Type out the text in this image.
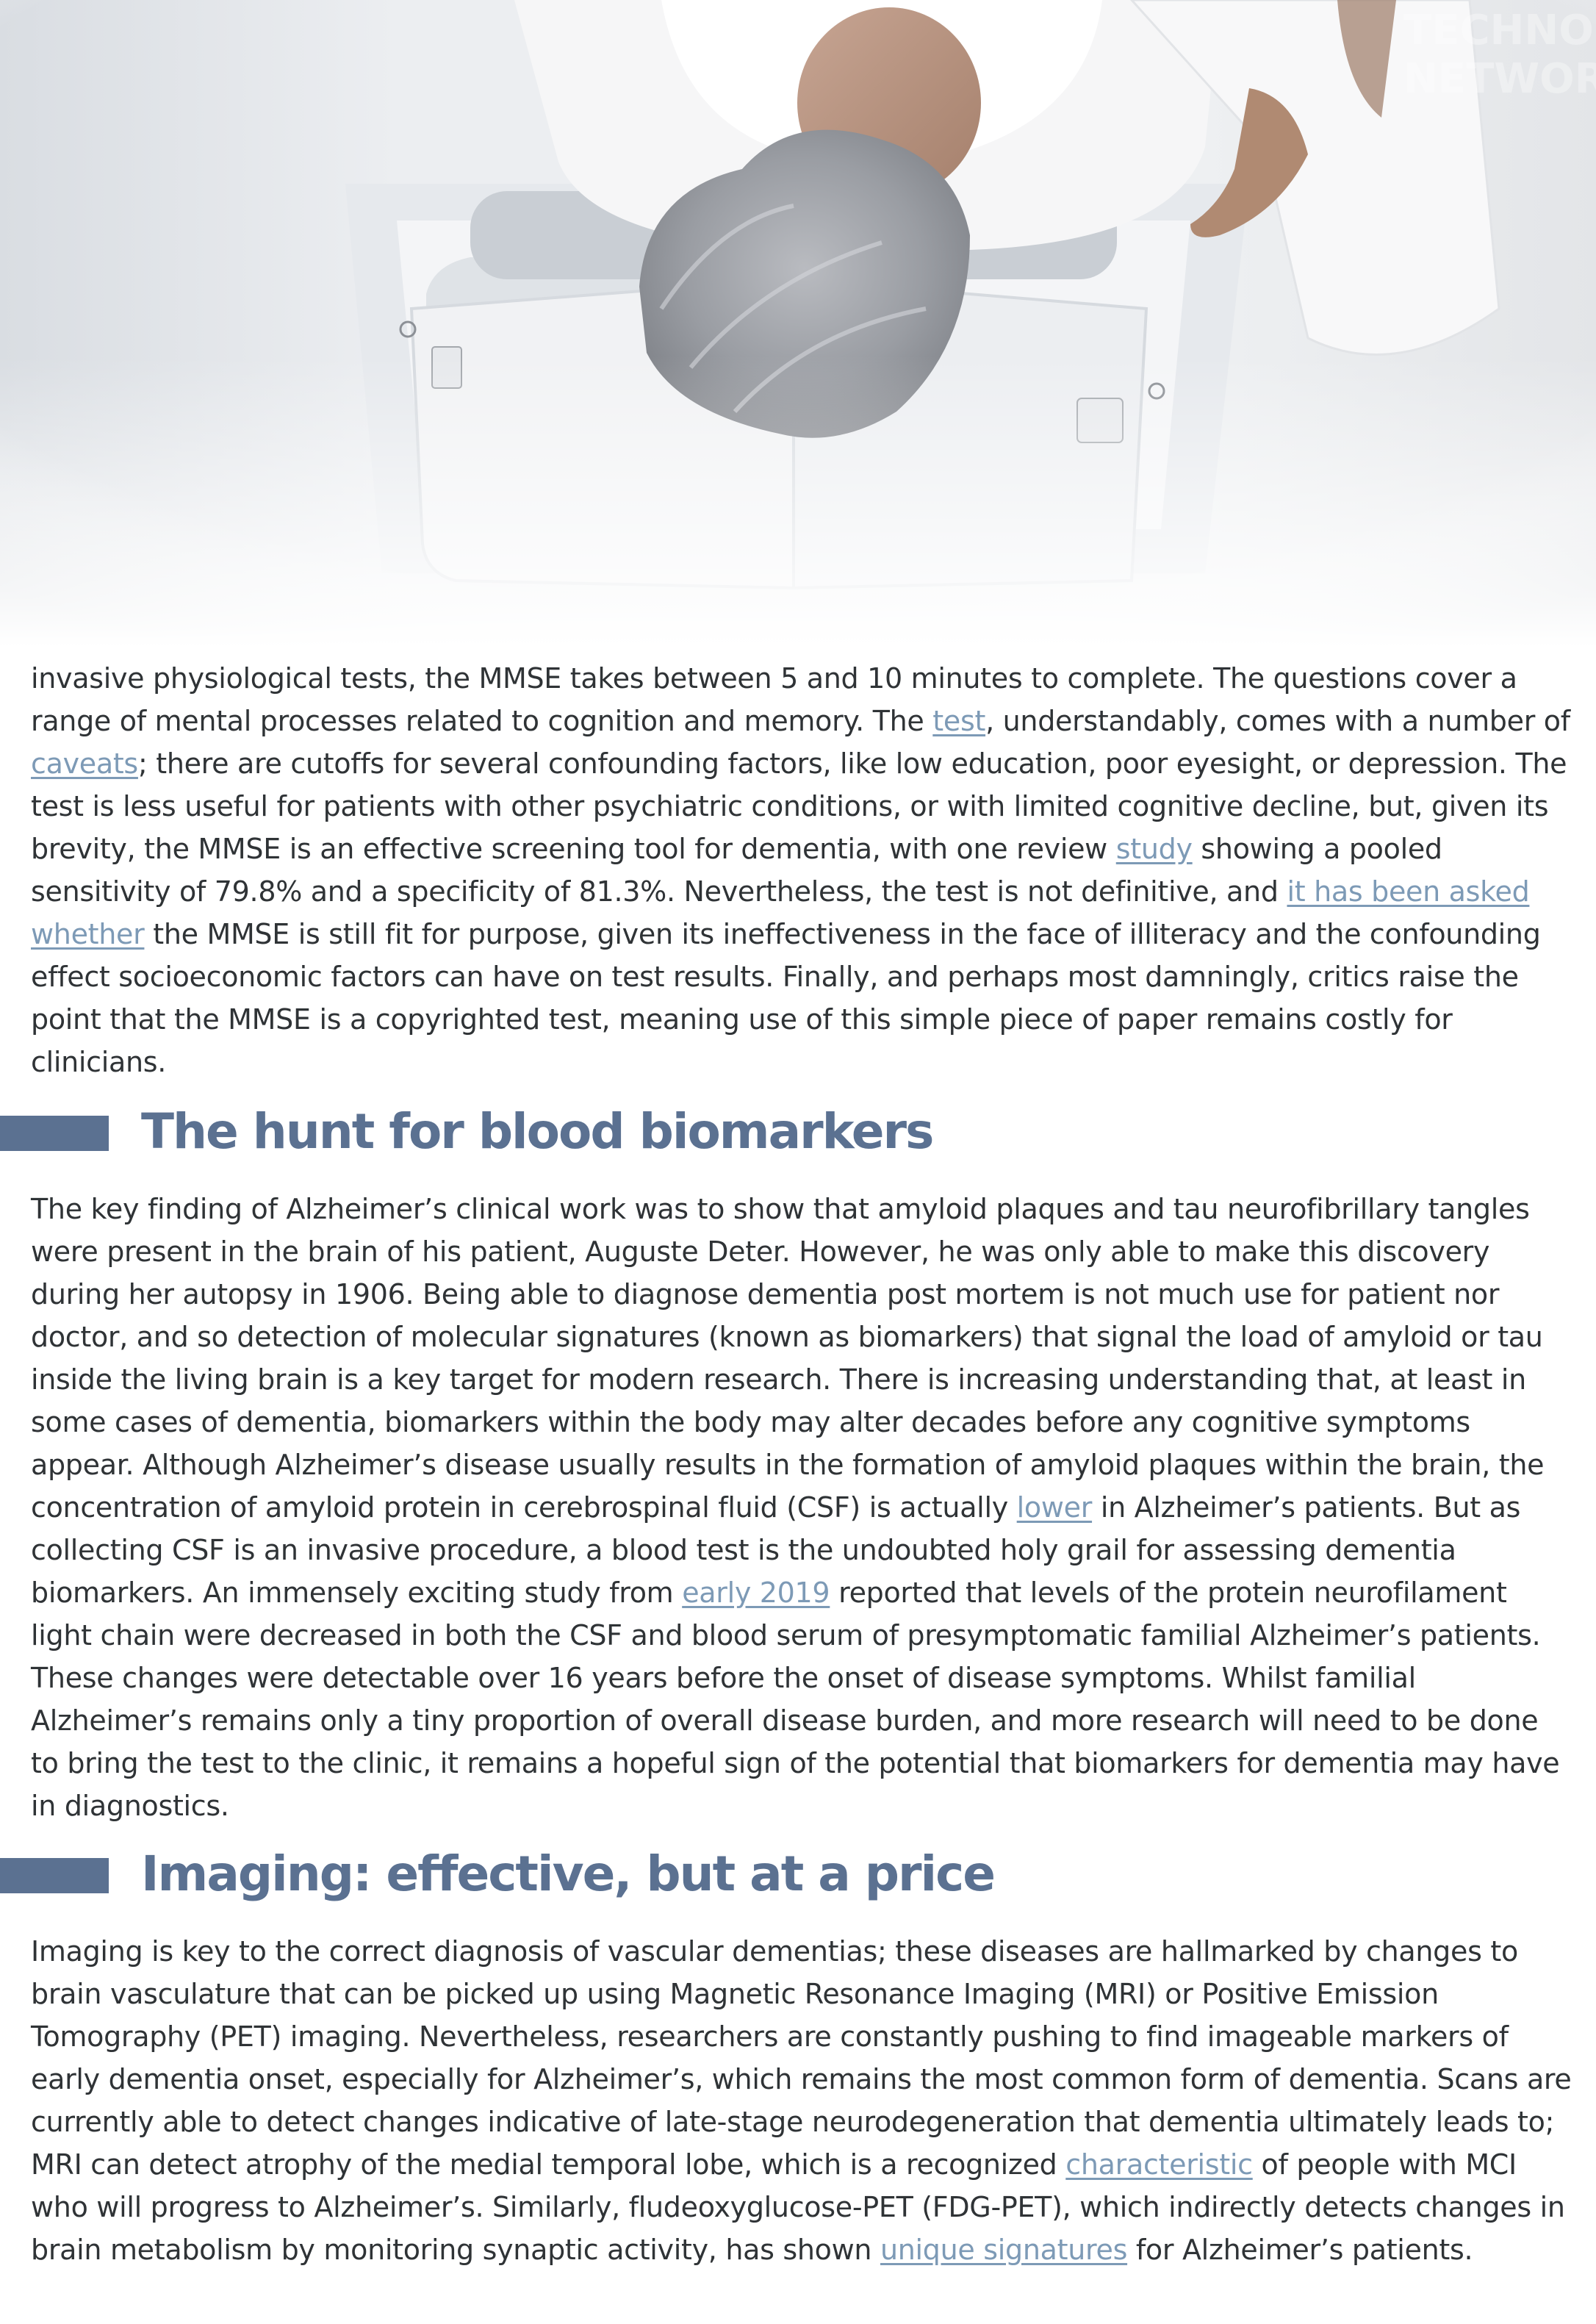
invasive physiological tests, the MMSE takes between 5 and 10 minutes to complete. The questions cover a range of mental processes related to cognition and memory. The test, understandably, comes with a number of caveats; there are cutoffs for several confounding factors, like low education, poor eyesight, or depression. The test is less useful for patients with other psychiatric conditions, or with limited cognitive decline, but, given its brevity, the MMSE is an effective screening tool for dementia, with one review study showing a pooled sensitivity of 79.8% and a specificity of 81.3%. Nevertheless, the test is not definitive, and it has been asked whether the MMSE is still fit for purpose, given its ineffectiveness in the face of illiteracy and the confounding effect socioeconomic factors can have on test results. Finally, and perhaps most damningly, critics raise the point that the MMSE is a copyrighted test, meaning use of this simple piece of paper remains costly for clinicians.

The hunt for blood biomarkers

The key finding of Alzheimer’s clinical work was to show that amyloid plaques and tau neurofibrillary tangles were present in the brain of his patient, Auguste Deter. However, he was only able to make this discovery during her autopsy in 1906. Being able to diagnose dementia post mortem is not much use for patient nor doctor, and so detection of molecular signatures (known as biomarkers) that signal the load of amyloid or tau inside the living brain is a key target for modern research. There is increasing understanding that, at least in some cases of dementia, biomarkers within the body may alter decades before any cognitive symptoms appear. Although Alzheimer’s disease usually results in the formation of amyloid plaques within the brain, the concentration of amyloid protein in cerebrospinal fluid (CSF) is actually lower in Alzheimer’s patients. But as collecting CSF is an invasive procedure, a blood test is the undoubted holy grail for assessing dementia biomarkers. An immensely exciting study from early 2019 reported that levels of the protein neurofilament light chain were decreased in both the CSF and blood serum of presymptomatic familial Alzheimer’s patients. These changes were detectable over 16 years before the onset of disease symptoms. Whilst familial Alzheimer’s remains only a tiny proportion of overall disease burden, and more research will need to be done to bring the test to the clinic, it remains a hopeful sign of the potential that biomarkers for dementia may have in diagnostics.

Imaging: effective, but at a price

Imaging is key to the correct diagnosis of vascular dementias; these diseases are hallmarked by changes to brain vasculature that can be picked up using Magnetic Resonance Imaging (MRI) or Positive Emission Tomography (PET) imaging. Nevertheless, researchers are constantly pushing to find imageable markers of early dementia onset, especially for Alzheimer’s, which remains the most common form of dementia. Scans are currently able to detect changes indicative of late-stage neurodegeneration that dementia ultimately leads to; MRI can detect atrophy of the medial temporal lobe, which is a recognized characteristic of people with MCI who will progress to Alzheimer’s. Similarly, fludeoxyglucose-PET (FDG-PET), which indirectly detects changes in brain metabolism by monitoring synaptic activity, has shown unique signatures for Alzheimer’s patients.
